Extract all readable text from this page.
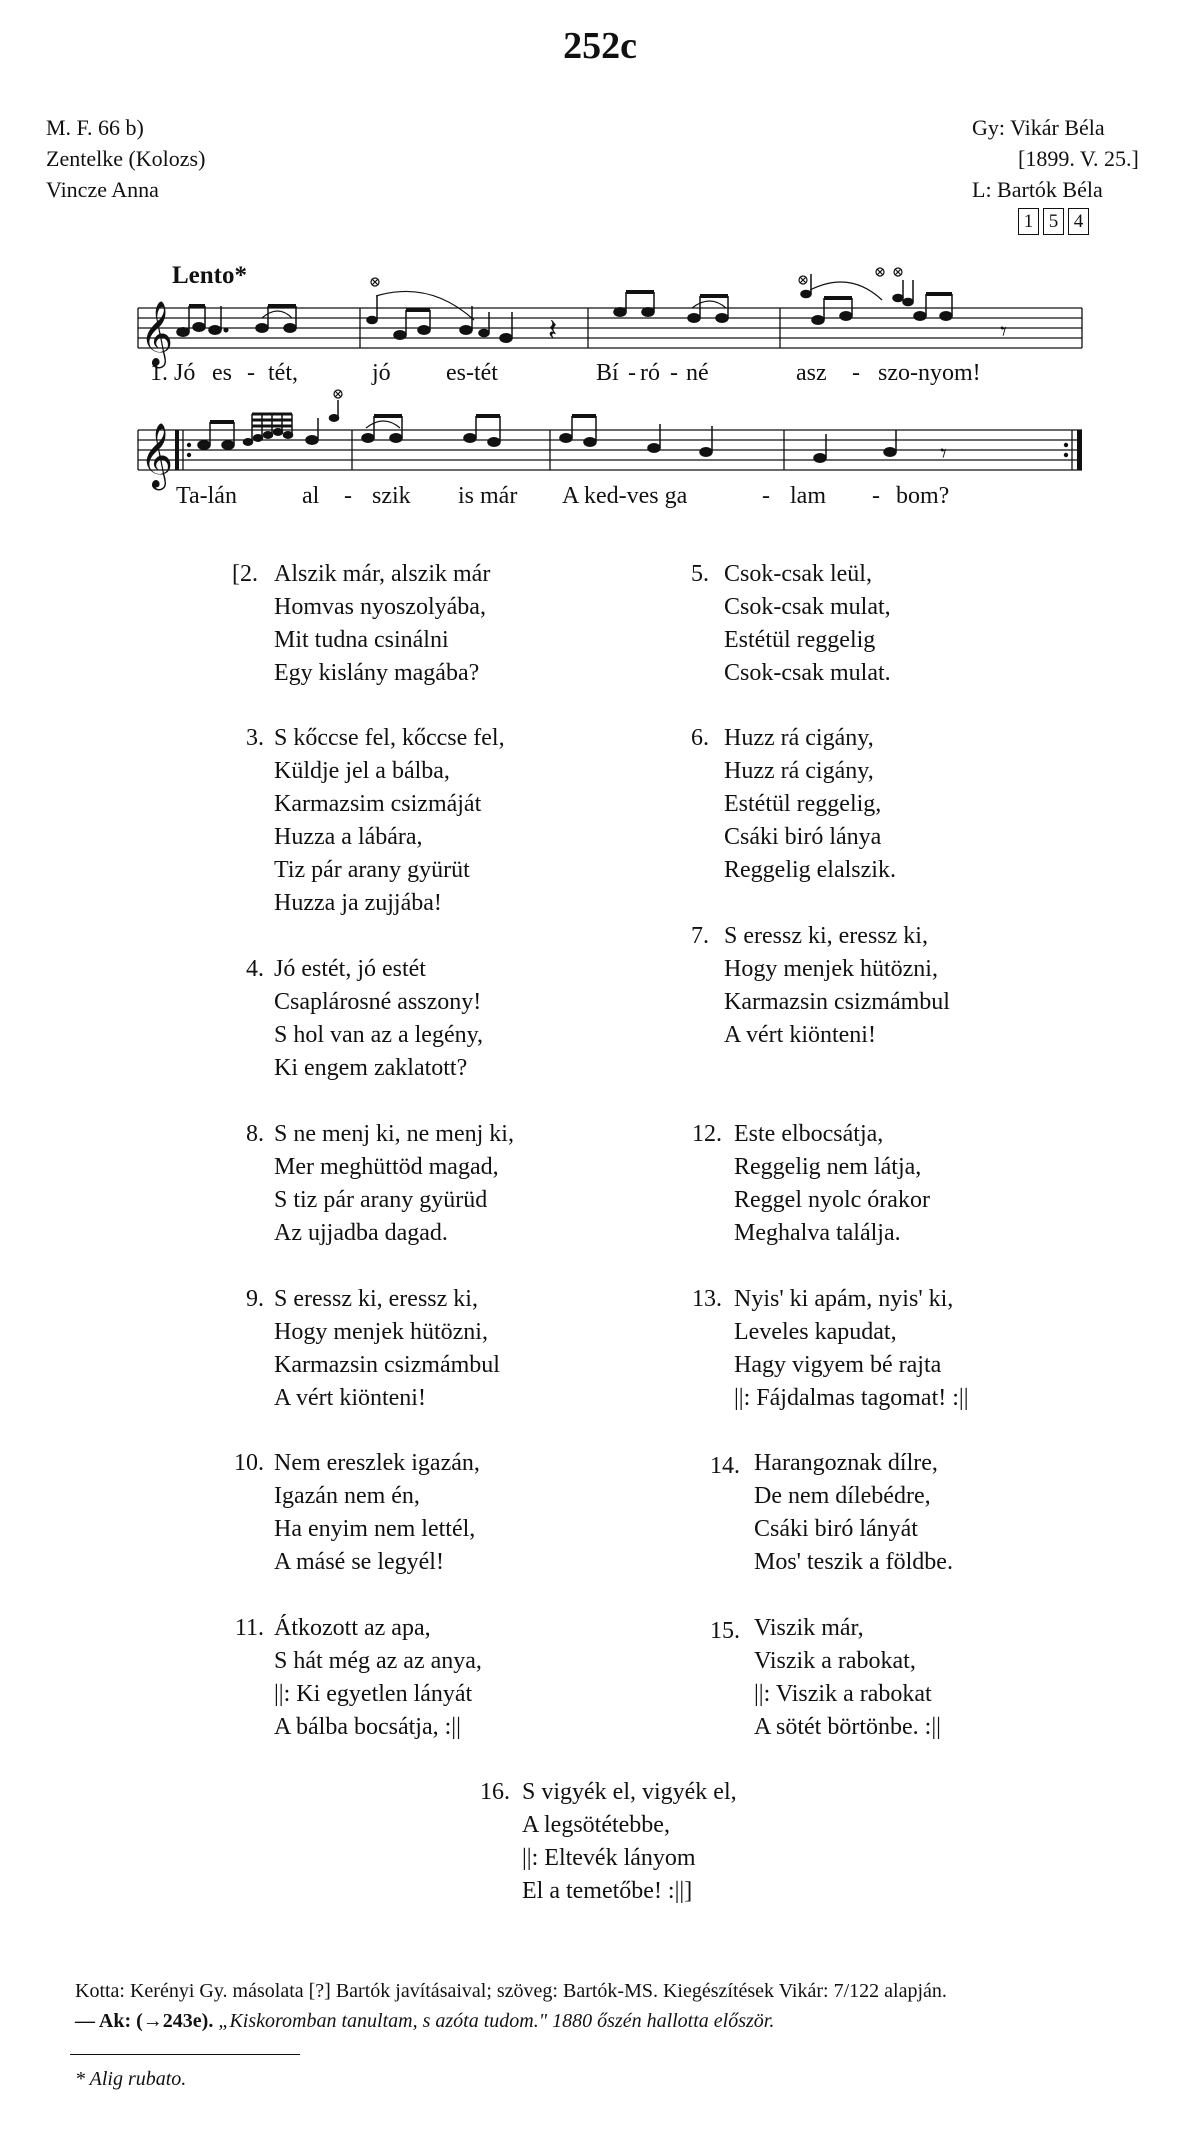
252c
M. F. 66 b)
Zentelke (Kolozs)
Vincze Anna
Gy: Vikár Béla
[1899. V. 25.]
L: Bartók Béla
1 5 4
Lento*
𝄞
𝄞
𝄽	𝄾
𝄾
1. Jó es - tét,	jó es-tét	Bí - ró - né	asz - szo-nyom!
Ta-lán	al - szik is már A ked-ves ga	- lam - bom?
[2. Alszik már, alszik már
Homvas nyoszolyába,
Mit tudna csinálni
Egy kislány magába?
3. S kőccse fel, kőccse fel,
Küldje jel a bálba,
Karmazsim csizmáját
Huzza a lábára,
Tiz pár arany gyürüt
Huzza ja zujjába!
4. Jó estét, jó estét
Csaplárosné asszony!
S hol van az a legény,
Ki engem zaklatott?
5. Csok-csak leül,
Csok-csak mulat,
Estétül reggelig
Csok-csak mulat.
6. Huzz rá cigány,
Huzz rá cigány,
Estétül reggelig,
Csáki biró lánya
Reggelig elalszik.
7. S eressz ki, eressz ki,
Hogy menjek hütözni,
Karmazsin csizmámbul
A vért kiönteni!
8. S ne menj ki, ne menj ki,
Mer meghüttöd magad,
S tiz pár arany gyürüd
Az ujjadba dagad.
9. S eressz ki, eressz ki,
Hogy menjek hütözni,
Karmazsin csizmámbul
A vért kiönteni!
10. Nem ereszlek igazán,
Igazán nem én,
Ha enyim nem lettél,
A másé se legyél!
11. Átkozott az apa,
S hát még az az anya,
||: Ki egyetlen lányát
A bálba bocsátja, :||
12. Este elbocsátja,
Reggelig nem látja,
Reggel nyolc órakor
Meghalva találja.
13. Nyis' ki apám, nyis' ki,
Leveles kapudat,
Hagy vigyem bé rajta
||: Fájdalmas tagomat! :||
14. Harangoznak dílre,
De nem dílebédre,
Csáki biró lányát
Mos' teszik a földbe.
15. Viszik már,
Viszik a rabokat,
||: Viszik a rabokat
A sötét börtönbe. :||
16. S vigyék el, vigyék el,
A legsötétebbe,
||: Eltevék lányom
El a temetőbe! :||]
Kotta: Kerényi Gy. másolata [?] Bartók javításaival; szöveg: Bartók-MS. Kiegészítések Vikár: 7/122 alapján.
— Ak: (→243e). „Kiskoromban tanultam, s azóta tudom." 1880 őszén hallotta először.
* Alig rubato.
